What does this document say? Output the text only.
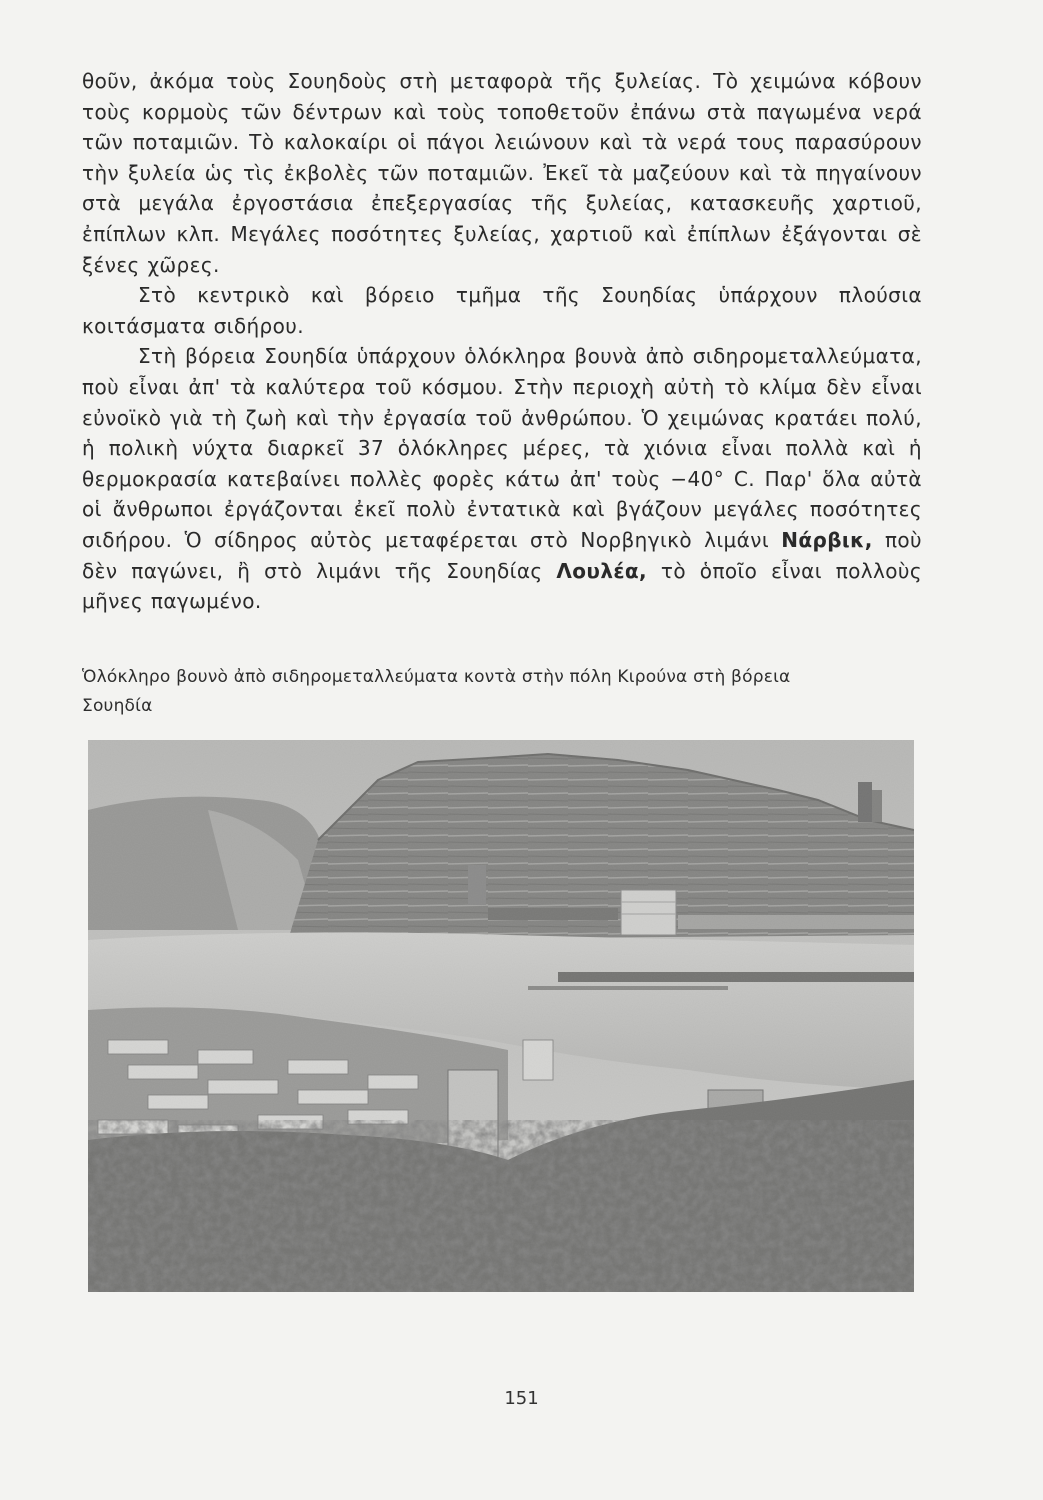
θοῦν, ἀκόμα τοὺς Σουηδοὺς στὴ μεταφορὰ τῆς ξυλείας. Τὸ χειμώνα κόβουν τοὺς κορμοὺς τῶν δέντρων καὶ τοὺς τοποθετοῦν ἐπάνω στὰ παγωμένα νερά τῶν ποταμιῶν. Τὸ καλοκαίρι οἱ πάγοι λειώνουν καὶ τὰ νερά τους παρασύρουν τὴν ξυλεία ὡς τὶς ἐκβολὲς τῶν ποταμιῶν. Ἐκεῖ τὰ μαζεύουν καὶ τὰ πηγαίνουν στὰ μεγάλα ἐργοστάσια ἐπεξεργασίας τῆς ξυλείας, κατασκευῆς χαρτιοῦ, ἐπίπλων κλπ. Μεγάλες ποσότητες ξυλείας, χαρτιοῦ καὶ ἐπίπλων ἐξάγονται σὲ ξένες χῶρες.

Στὸ κεντρικὸ καὶ βόρειο τμῆμα τῆς Σουηδίας ὑπάρχουν πλούσια κοιτάσματα σιδήρου.

Στὴ βόρεια Σουηδία ὑπάρχουν ὁλόκληρα βουνὰ ἀπὸ σιδηρομεταλλεύματα, ποὺ εἶναι ἀπ' τὰ καλύτερα τοῦ κόσμου. Στὴν περιοχὴ αὐτὴ τὸ κλίμα δὲν εἶναι εὐνοϊκὸ γιὰ τὴ ζωὴ καὶ τὴν ἐργασία τοῦ ἀνθρώπου. Ὁ χειμώνας κρατάει πολύ, ἡ πολικὴ νύχτα διαρκεῖ 37 ὁλόκληρες μέρες, τὰ χιόνια εἶναι πολλὰ καὶ ἡ θερμοκρασία κατεβαίνει πολλὲς φορὲς κάτω ἀπ' τοὺς −40° C. Παρ' ὅλα αὐτὰ οἱ ἄνθρωποι ἐργάζονται ἐκεῖ πολὺ ἐντατικὰ καὶ βγάζουν μεγάλες ποσότητες σιδήρου. Ὁ σίδηρος αὐτὸς μεταφέρεται στὸ Νορβηγικὸ λιμάνι Νάρβικ, ποὺ δὲν παγώνει, ἢ στὸ λιμάνι τῆς Σουηδίας Λουλέα, τὸ ὁποῖο εἶναι πολλοὺς μῆνες παγωμένο.

Ὁλόκληρο βουνὸ ἀπὸ σιδηρομεταλλεύματα κοντὰ στὴν πόλη Κιρούνα στὴ βόρεια Σουηδία
151
